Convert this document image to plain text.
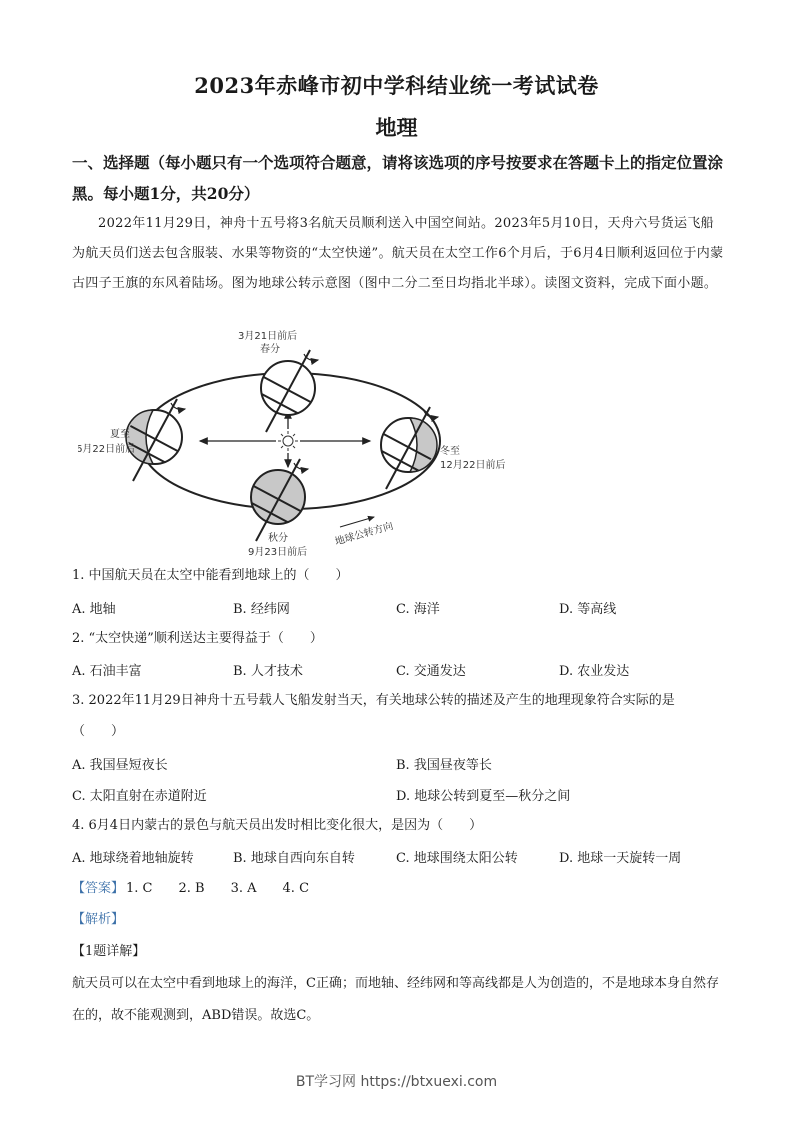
2023年赤峰市初中学科结业统一考试试卷
地理
一、选择题（每小题只有一个选项符合题意，请将该选项的序号按要求在答题卡上的指定位置涂黑。每小题1分，共20分）
2022年11月29日，神舟十五号将3名航天员顺利送入中国空间站。2023年5月10日，天舟六号货运飞船为航天员们送去包含服装、水果等物资的“太空快递”。航天员在太空工作6个月后，于6月4日顺利返回位于内蒙古四子王旗的东风着陆场。图为地球公转示意图（图中二分二至日均指北半球）。读图文资料，完成下面小题。
3月21日前后
春分
夏至
6月22日前后	冬至
12月22日前后
秋分
9月23日前后
地球公转方向
1. 中国航天员在太空中能看到地球上的（　　）
A. 地轴	B. 经纬网	C. 海洋	D. 等高线
2. “太空快递”顺利送达主要得益于（　　）
A. 石油丰富	B. 人才技术	C. 交通发达	D. 农业发达
3. 2022年11月29日神舟十五号载人飞船发射当天，有关地球公转的描述及产生的地理现象符合实际的是
（　　）
A. 我国昼短夜长	B. 我国昼夜等长
C. 太阳直射在赤道附近	D. 地球公转到夏至—秋分之间
4. 6月4日内蒙古的景色与航天员出发时相比变化很大，是因为（　　）
A. 地球绕着地轴旋转	B. 地球自西向东自转	C. 地球围绕太阳公转	D. 地球一天旋转一周
【答案】 1. C 2. B 3. A 4. C
【解析】
【1题详解】
航天员可以在太空中看到地球上的海洋，C正确；而地轴、经纬网和等高线都是人为创造的，不是地球本身自然存在的，故不能观测到，ABD错误。故选C。
BT学习网 https://btxuexi.com
